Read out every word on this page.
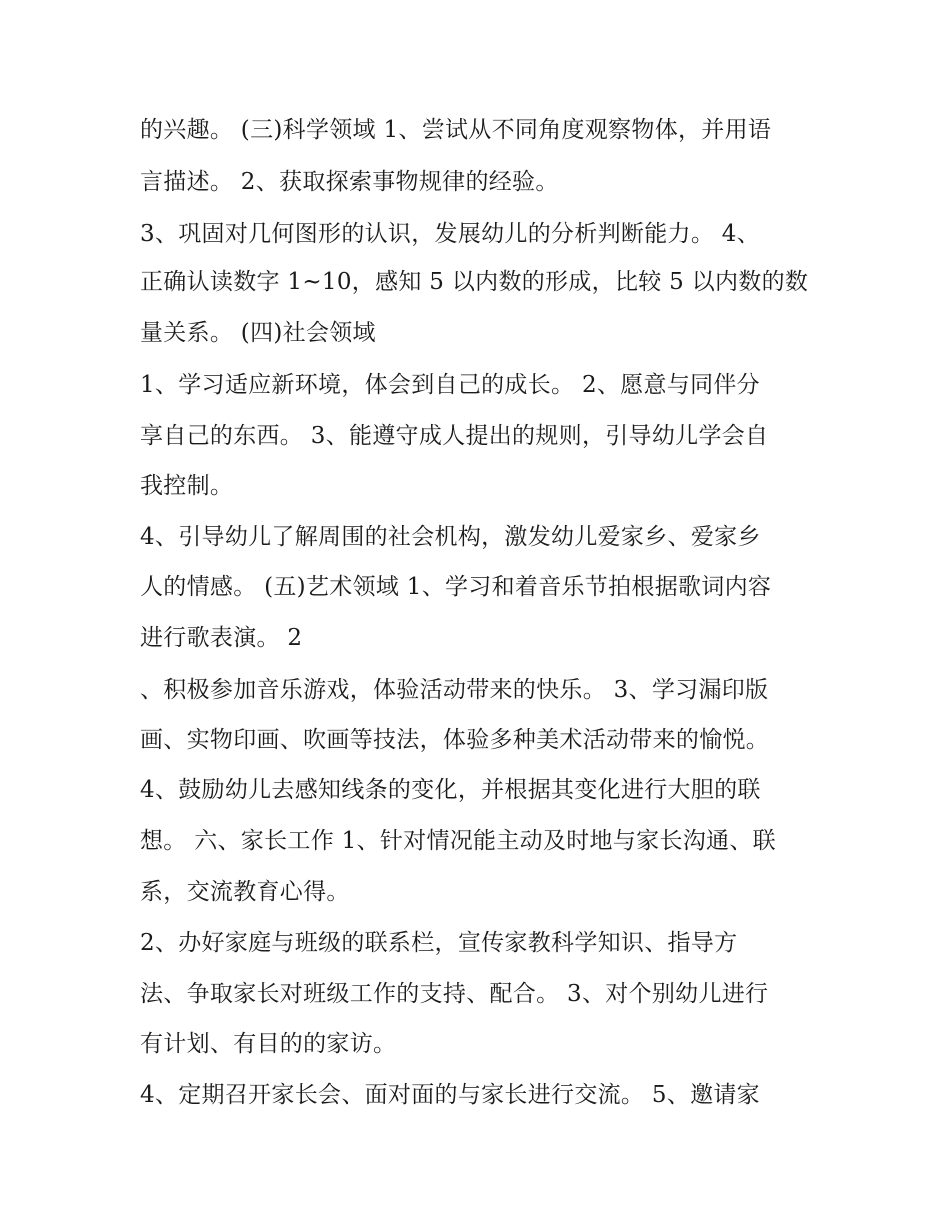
的兴趣。 (三)科学领域 1、尝试从不同角度观察物体，并用语

言描述。 2、获取探索事物规律的经验。

3、巩固对几何图形的认识，发展幼儿的分析判断能力。 4、

正确认读数字 1~10，感知 5 以内数的形成，比较 5 以内数的数

量关系。 (四)社会领域

1、学习适应新环境，体会到自己的成长。 2、愿意与同伴分

享自己的东西。 3、能遵守成人提出的规则，引导幼儿学会自

我控制。

4、引导幼儿了解周围的社会机构，激发幼儿爱家乡、爱家乡

人的情感。 (五)艺术领域 1、学习和着音乐节拍根据歌词内容

进行歌表演。 2

、积极参加音乐游戏，体验活动带来的快乐。 3、学习漏印版

画、实物印画、吹画等技法，体验多种美术活动带来的愉悦。

4、鼓励幼儿去感知线条的变化，并根据其变化进行大胆的联

想。 六、家长工作 1、针对情况能主动及时地与家长沟通、联

系，交流教育心得。

2、办好家庭与班级的联系栏，宣传家教科学知识、指导方

法、争取家长对班级工作的支持、配合。 3、对个别幼儿进行

有计划、有目的的家访。

4、定期召开家长会、面对面的与家长进行交流。 5、邀请家
